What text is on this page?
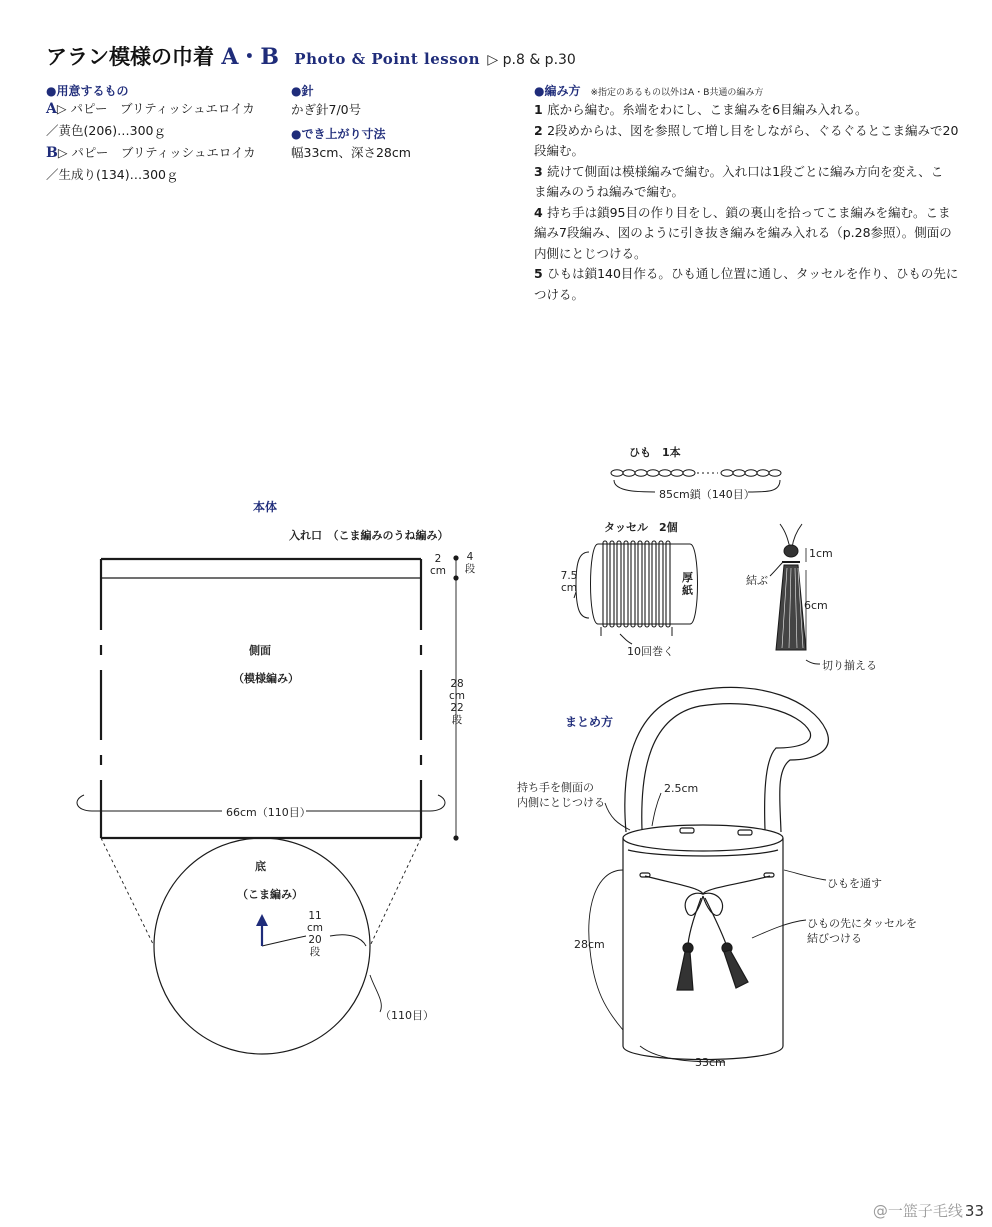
アラン模様の巾着 A・B Photo & Point lesson ▷ p.8 & p.30
●用意するもの
A▷ パピー　ブリティッシュエロイカ
／黄色(206)…300ｇ
B▷ パピー　ブリティッシュエロイカ
／生成り(134)…300ｇ
●針
かぎ針7/0号
●でき上がり寸法
幅33cm、深さ28cm
●編み方 ※指定のあるもの以外はA・B共通の編み方
1 底から編む。糸端をわにし、こま編みを6目編み入れる。
2 2段めからは、図を参照して増し目をしながら、ぐるぐるとこま編みで20
段編む。
3 続けて側面は模様編みで編む。入れ口は1段ごとに編み方向を変え、こ
ま編みのうね編みで編む。
4 持ち手は鎖95目の作り目をし、鎖の裏山を拾ってこま編みを編む。こま
編み7段編み、図のように引き抜き編みを編み入れる（p.28参照）。側面の
内側にとじつける。
5 ひもは鎖140目作る。ひも通し位置に通し、タッセルを作り、ひもの先に
つける。
本体
入れ口　（こま編みのうね編み）
2
cm
4
段
側面
（模様編み）	28
cm
22
段
66cm（110目）
底
（こま編み）
11
cm
20
段
（110目）
ひも　1本
85cm鎖（140目）
タッセル　2個
7.5
cm
厚紙
10回巻く
結ぶ
1cm
6cm
切り揃える
まとめ方
持ち手を側面の
内側にとじつける
2.5cm
ひもを通す
ひもの先にタッセルを
結びつける
28cm
33cm
@一篮子毛线 33
